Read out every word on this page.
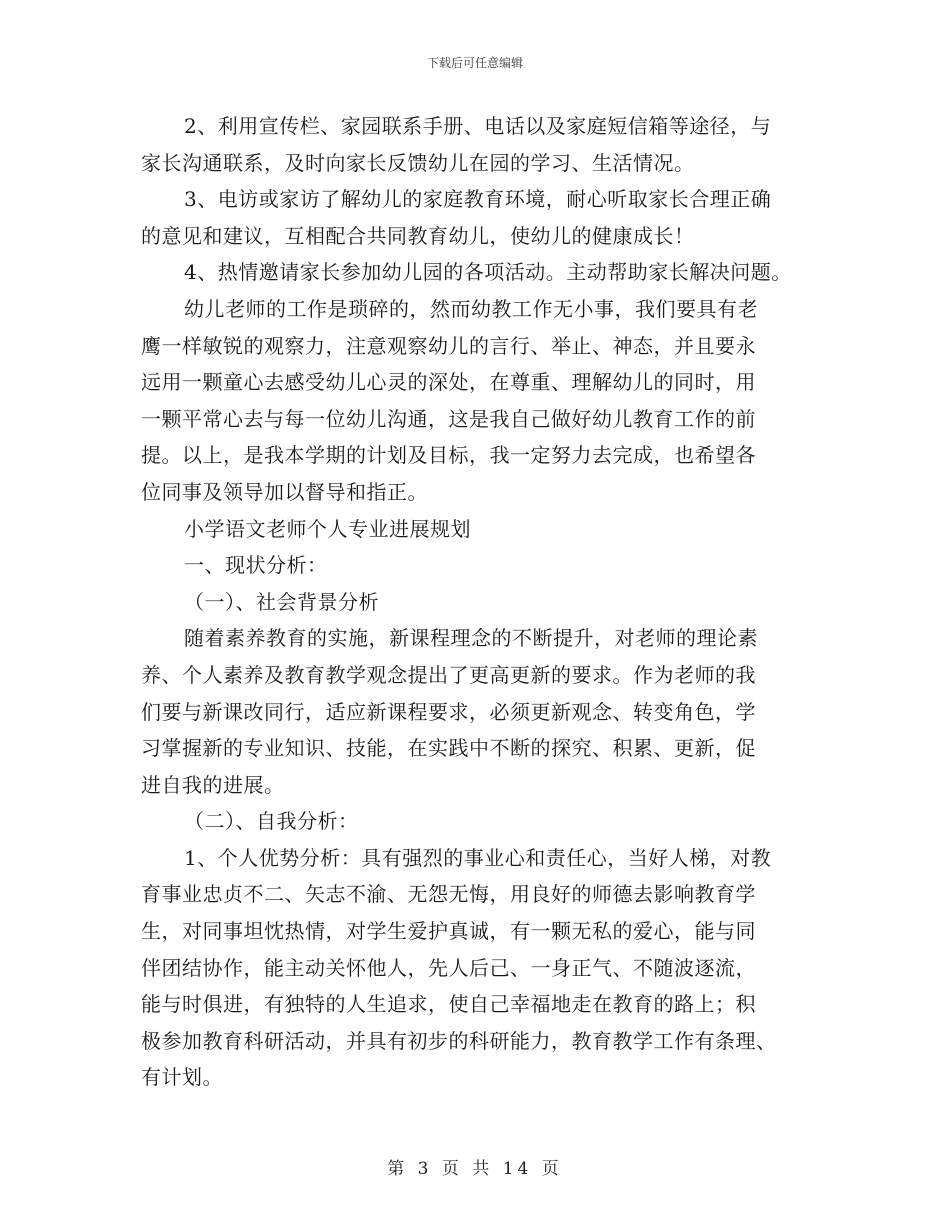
下载后可任意编辑
2、利用宣传栏、家园联系手册、电话以及家庭短信箱等途径，与
家长沟通联系，及时向家长反馈幼儿在园的学习、生活情况。
3、电访或家访了解幼儿的家庭教育环境，耐心听取家长合理正确
的意见和建议，互相配合共同教育幼儿，使幼儿的健康成长！
4、热情邀请家长参加幼儿园的各项活动。主动帮助家长解决问题。
幼儿老师的工作是琐碎的，然而幼教工作无小事，我们要具有老
鹰一样敏锐的观察力，注意观察幼儿的言行、举止、神态，并且要永
远用一颗童心去感受幼儿心灵的深处，在尊重、理解幼儿的同时，用
一颗平常心去与每一位幼儿沟通，这是我自己做好幼儿教育工作的前
提。以上，是我本学期的计划及目标，我一定努力去完成，也希望各
位同事及领导加以督导和指正。
小学语文老师个人专业进展规划
一、现状分析：
（一）、社会背景分析
随着素养教育的实施，新课程理念的不断提升，对老师的理论素
养、个人素养及教育教学观念提出了更高更新的要求。作为老师的我
们要与新课改同行，适应新课程要求，必须更新观念、转变角色，学
习掌握新的专业知识、技能，在实践中不断的探究、积累、更新，促
进自我的进展。
（二）、自我分析：
1、个人优势分析：具有强烈的事业心和责任心，当好人梯，对教
育事业忠贞不二、矢志不渝、无怨无悔，用良好的师德去影响教育学
生，对同事坦忱热情，对学生爱护真诚，有一颗无私的爱心，能与同
伴团结协作，能主动关怀他人，先人后己、一身正气、不随波逐流，
能与时俱进，有独特的人生追求，使自己幸福地走在教育的路上；积
极参加教育科研活动，并具有初步的科研能力，教育教学工作有条理、
有计划。
第 3 页 共 14 页
